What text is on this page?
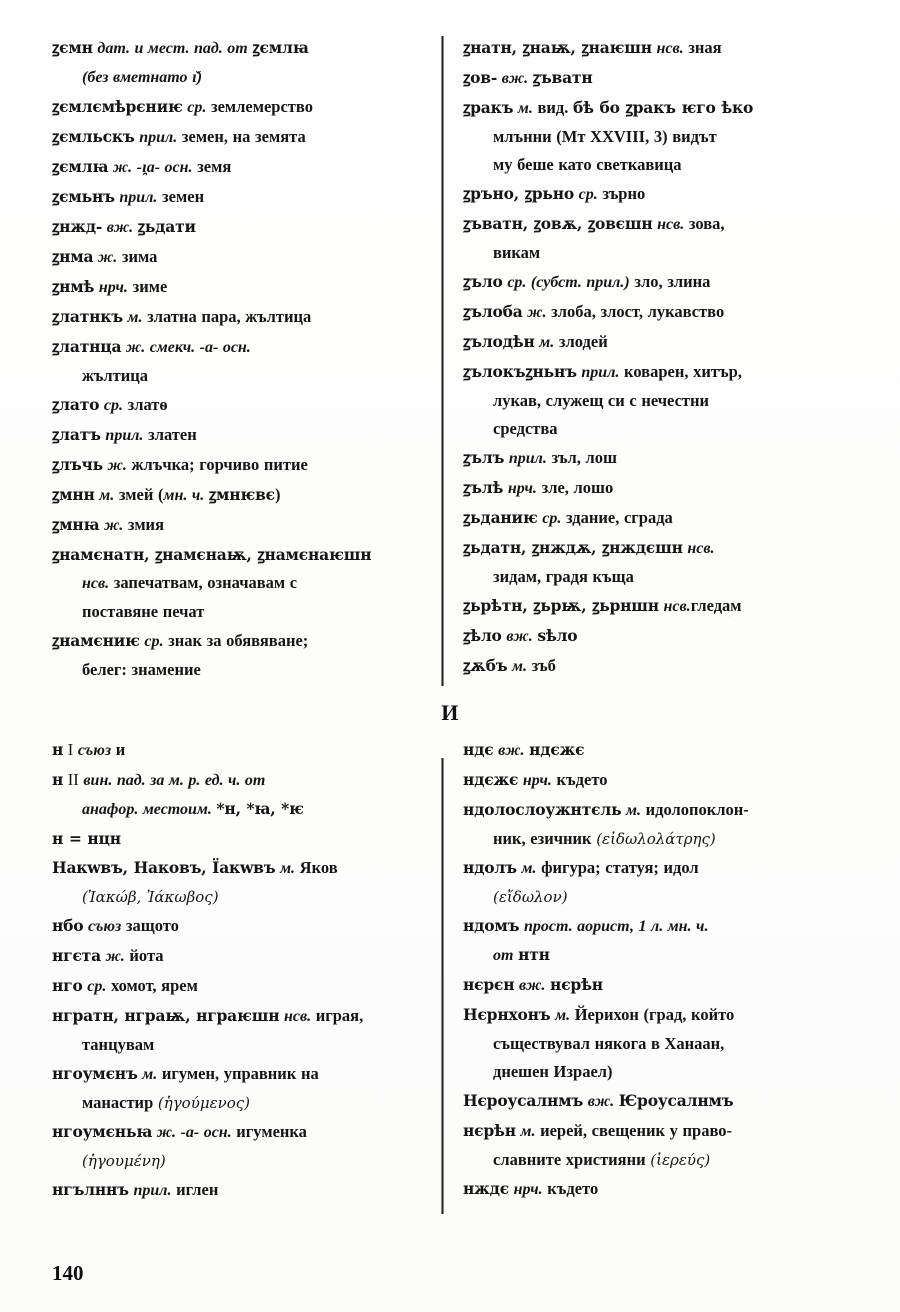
ꙁємн дат. и мест. пад. от ꙁємлꙗ
(без вметнато ɪ̌)

ꙁємлємѣрєниѥ ср. землемерство

ꙁємльскъ прил. земен, на земята

ꙁємлꙗ ж. -ɪ̯a- осн. земя

ꙁємьнъ прил. земен

ꙁнжд- вж. ꙁьдати

ꙁнма ж. зима

ꙁнмѣ нрч. зиме

ꙁлатнкъ м. златна пара, жълтица

ꙁлатнца ж. смекч. -а- осн.
жълтица

ꙁлато ср. златѳ

ꙁлатъ прил. златен

ꙁлъчь ж. жлъчка; горчиво питие

ꙁмнн м. змей (мн. ч. ꙁмнѥвє)

ꙁмнꙗ ж. змия

ꙁнамєнатн, ꙁнамєнаѭ, ꙁнамєнаѥшн
нсв. запечатвам, означавам с
поставяне печат

ꙁнамєниѥ ср. знак за обявяване;
белег: знамение

ꙁнатн, ꙁнаѭ, ꙁнаѥшн нсв. зная

ꙁов- вж. ꙁъватн

ꙁракъ м. вид. бѣ бо ꙁракъ ѥго ѣко
млънни (Мт XXVIII, 3) видът
му беше като светкавица

ꙁръно, ꙁрьно ср. зърно

ꙁъватн, ꙁовѫ, ꙁовєшн нсв. зова,
викам

ꙁъло ср. (субст. прил.) зло, злина

ꙁълоба ж. злоба, злост, лукавство

ꙁълодѣн м. злодей

ꙁълокъꙁньнъ прил. коварен, хитър,
лукав, служещ си с нечестни
средства

ꙁълъ прил. зъл, лош

ꙁълѣ нрч. зле, лошо

ꙁьданиѥ ср. здание, сграда

ꙁьдатн, ꙁнждѫ, ꙁнждєшн нсв.
зидам, градя къща

ꙁьрѣтн, ꙁьрѭ, ꙁьрншн нсв.гледам

ꙁѣло вж. ѕѣло

ꙁѫбъ м. зъб

И

н I съюз и

н II вин. пад. за м. р. ед. ч. от
анафор. местоим. *н, *ꙗ, *ѥ

н = нцн

Накwвъ, Наковъ, Їакwвъ м. Яков
(Ἰακώβ, Ἰάκωβος)

нбо съюз защото

нгєта ж. йота

нго ср. хомот, ярем

нгратн, нграѭ, нграѥшн нсв. играя,
танцувам

нгоумєнъ м. игумен, управник на
манастир (ἡγούμενος)

нгоумєньꙗ ж. -а- осн. игуменка
(ἡγουμένη)

нгълннъ прил. иглен

ндє вж. ндєжє

ндєжє нрч. където

ндолослоужнтєль м. идолопоклон-
ник, езичник (εἰδωλολάτρης)

ндолъ м. фигура; статуя; идол
(εἴδωλον)

ндомъ прост. аорист, 1 л. мн. ч.
от нтн

нєрєн вж. нєрѣн

Нєрнхонъ м. Йерихон (град, който
съществувал някога в Ханаан,
днешен Израел)

Нєроусалнмъ вж. Ѥроусалнмъ

нєрѣн м. иерей, свещеник у право-
славните християни (ἱερεύς)

нждє нрч. където

140
